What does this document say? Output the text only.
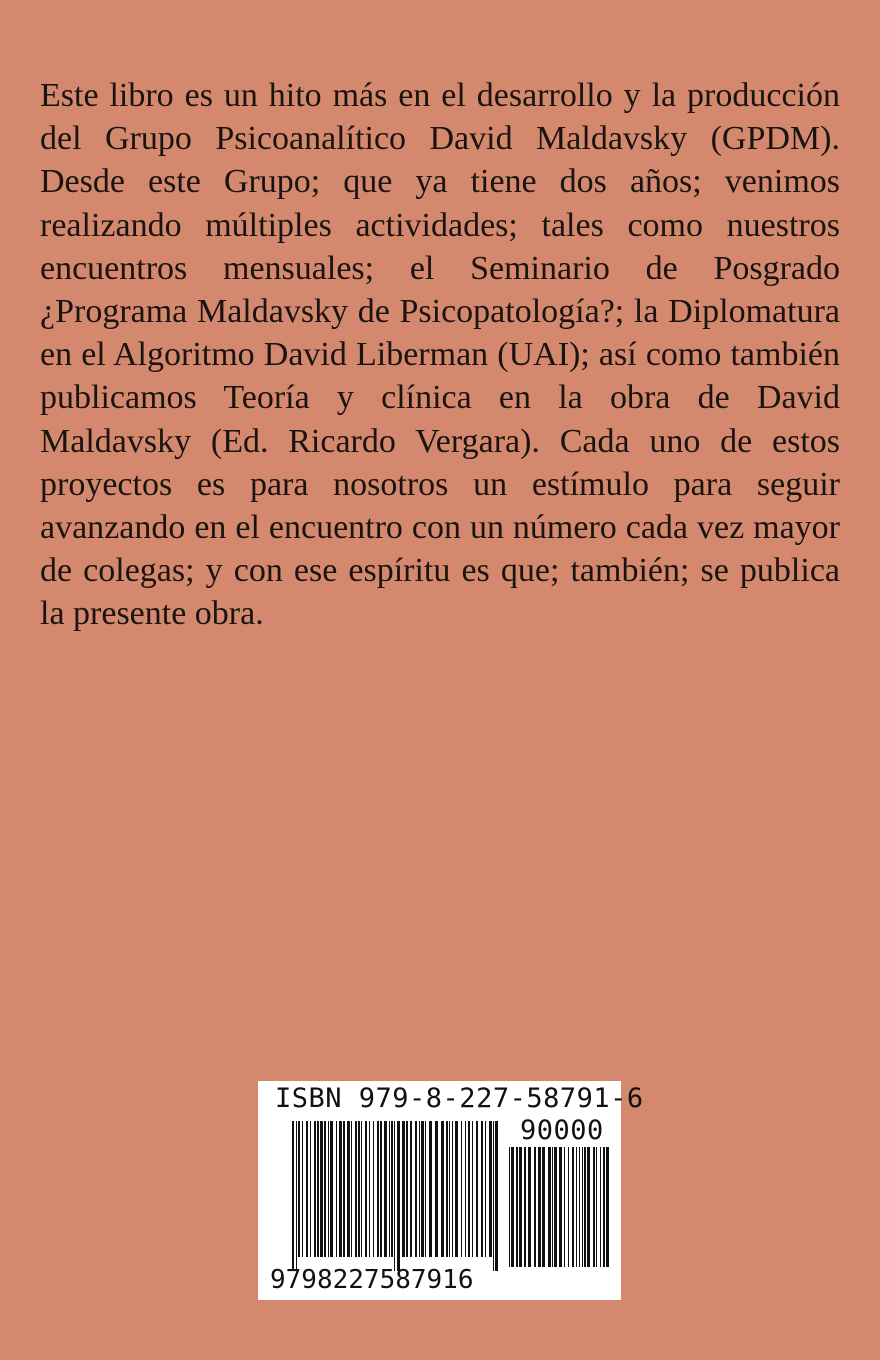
Este libro es un hito más en el desarrollo y la producción del Grupo Psicoanalítico David Maldavsky (GPDM). Desde este Grupo; que ya tiene dos años; venimos realizando múltiples actividades; tales como nuestros encuentros mensuales; el Seminario de Posgrado ¿Programa Maldavsky de Psicopatología?; la Diplomatura en el Algoritmo David Liberman (UAI); así como también publicamos Teoría y clínica en la obra de David Maldavsky (Ed. Ricardo Vergara). Cada uno de estos proyectos es para nosotros un estímulo para seguir avanzando en el encuentro con un número cada vez mayor de colegas; y con ese espíritu es que; también; se publica la presente obra.

ISBN 979-8-227-58791-6
90000
9798227587916
